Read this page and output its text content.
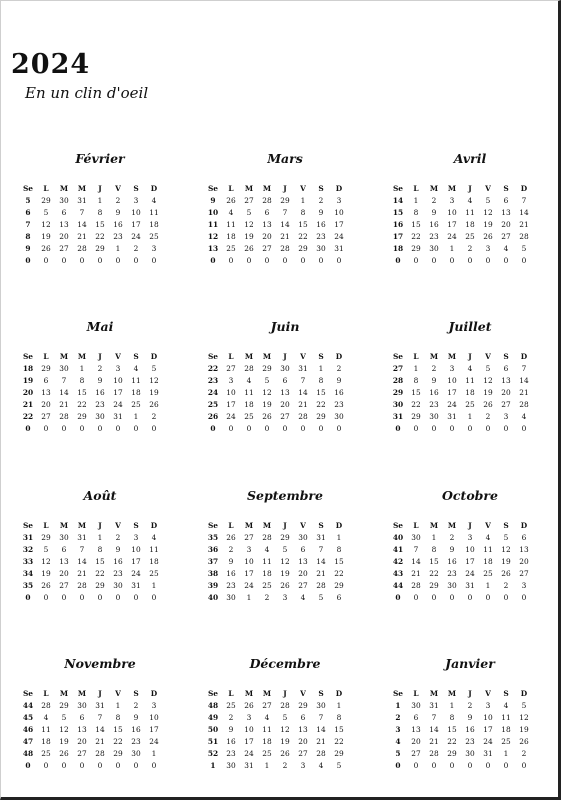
2024
En un clin d'oeil
Février
Se	L	M	M	J	V	S	D
5	29	30	31	1	2	3	4
6	5	6	7	8	9	10	11
7	12	13	14	15	16	17	18
8	19	20	21	22	23	24	25
9	26	27	28	29	1	2	3
0	0	0	0	0	0	0	0
Mars
Se	L	M	M	J	V	S	D
9	26	27	28	29	1	2	3
10	4	5	6	7	8	9	10
11	11	12	13	14	15	16	17
12	18	19	20	21	22	23	24
13	25	26	27	28	29	30	31
0	0	0	0	0	0	0	0
Avril
Se	L	M	M	J	V	S	D
14	1	2	3	4	5	6	7
15	8	9	10	11	12	13	14
16	15	16	17	18	19	20	21
17	22	23	24	25	26	27	28
18	29	30	1	2	3	4	5
0	0	0	0	0	0	0	0
Mai
Se	L	M	M	J	V	S	D
18	29	30	1	2	3	4	5
19	6	7	8	9	10	11	12
20	13	14	15	16	17	18	19
21	20	21	22	23	24	25	26
22	27	28	29	30	31	1	2
0	0	0	0	0	0	0	0
Juin
Se	L	M	M	J	V	S	D
22	27	28	29	30	31	1	2
23	3	4	5	6	7	8	9
24	10	11	12	13	14	15	16
25	17	18	19	20	21	22	23
26	24	25	26	27	28	29	30
0	0	0	0	0	0	0	0
Juillet
Se	L	M	M	J	V	S	D
27	1	2	3	4	5	6	7
28	8	9	10	11	12	13	14
29	15	16	17	18	19	20	21
30	22	23	24	25	26	27	28
31	29	30	31	1	2	3	4
0	0	0	0	0	0	0	0
Août
Se	L	M	M	J	V	S	D
31	29	30	31	1	2	3	4
32	5	6	7	8	9	10	11
33	12	13	14	15	16	17	18
34	19	20	21	22	23	24	25
35	26	27	28	29	30	31	1
0	0	0	0	0	0	0	0
Septembre
Se	L	M	M	J	V	S	D
35	26	27	28	29	30	31	1
36	2	3	4	5	6	7	8
37	9	10	11	12	13	14	15
38	16	17	18	19	20	21	22
39	23	24	25	26	27	28	29
40	30	1	2	3	4	5	6
Octobre
Se	L	M	M	J	V	S	D
40	30	1	2	3	4	5	6
41	7	8	9	10	11	12	13
42	14	15	16	17	18	19	20
43	21	22	23	24	25	26	27
44	28	29	30	31	1	2	3
0	0	0	0	0	0	0	0
Novembre
Se	L	M	M	J	V	S	D
44	28	29	30	31	1	2	3
45	4	5	6	7	8	9	10
46	11	12	13	14	15	16	17
47	18	19	20	21	22	23	24
48	25	26	27	28	29	30	1
0	0	0	0	0	0	0	0
Décembre
Se	L	M	M	J	V	S	D
48	25	26	27	28	29	30	1
49	2	3	4	5	6	7	8
50	9	10	11	12	13	14	15
51	16	17	18	19	20	21	22
52	23	24	25	26	27	28	29
1	30	31	1	2	3	4	5
Janvier
Se	L	M	M	J	V	S	D
1	30	31	1	2	3	4	5
2	6	7	8	9	10	11	12
3	13	14	15	16	17	18	19
4	20	21	22	23	24	25	26
5	27	28	29	30	31	1	2
0	0	0	0	0	0	0	0
